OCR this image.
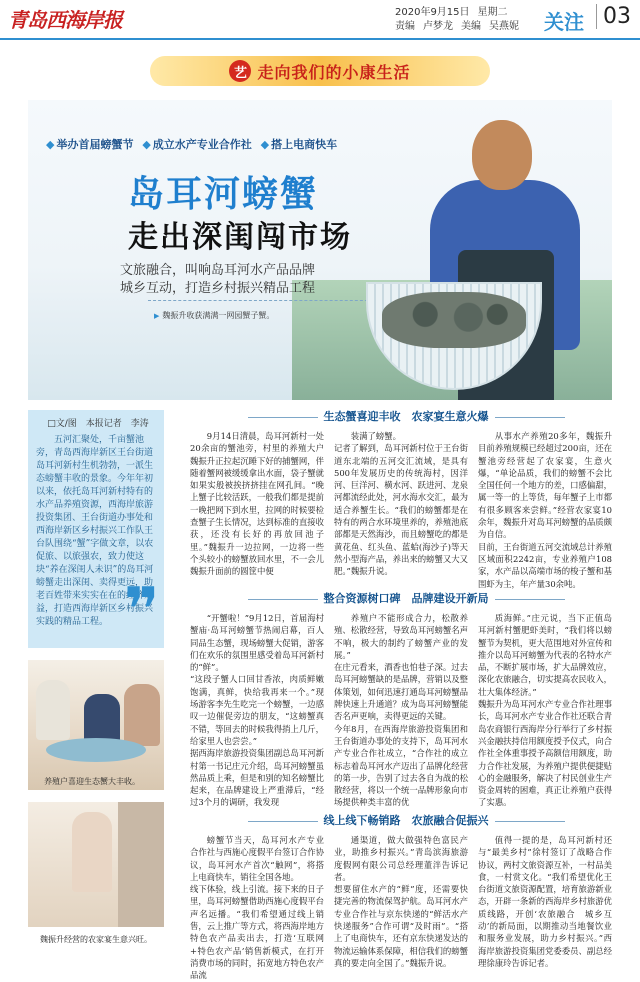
青岛西海岸报	2020年9月15日 星期二
责编 卢梦龙 美编 吴燕妮	关注 03
艺 走向我们的小康生活
◆ 举办首届螃蟹节 ◆ 成立水产专业合作社 ◆ 搭上电商快车
岛耳河螃蟹
走出深闺闯市场
文旅融合，叫响岛耳河水产品品牌
城乡互动，打造乡村振兴精品工程
▶ 魏振升收获满满一网园蟹子蟹。
□文/图　本报记者　李涛
五河汇聚处，千亩蟹池旁，青岛西海岸新区王台街道岛耳河新村生机勃勃，一派生态螃蟹丰收的景象。今年年初以来，依托岛耳河新村特有的水产品养殖资源，西海岸旅游投资集团、王台街道办事处和西海岸新区乡村振兴工作队王台队围绕“蟹”字做文章，以农促旅、以旅强农，致力使这块“养在深闺人未识”的岛耳河螃蟹走出深闺、卖得更远，助老百姓带来实实在在的经济效益，打造西海岸新区乡村振兴实践的精品工程。 ❞
养殖户喜迎生态蟹大丰收。
魏振升经营的农家宴生意兴旺。
生态蟹喜迎丰收　农家宴生意火爆
9月14日清晨，岛耳河新村一处20余亩的蟹池旁，村里的养殖大户魏振升正拉起沉睡下好的捕蟹网，伴随着蟹网被缓缓拿出水面，袋子蟹就如果实般被挨挤挤挂在网孔间。“晚上蟹子比较活跃，一般我们都是提前一晚把网下到水里，拉网的时候要检查蟹子生长情况，达到标准的直接收获，还没有长好的再放回池子里。”魏振升一边拉网，一边将一些个头较小的螃蟹放回水里，不一会儿魏振升面前的圆筐中便
装满了螃蟹。
记者了解到，岛耳河新村位于王台街道东北端的五河交汇流域，是具有500年发展历史的传统海村，因洋河、巨洋河、横水河、跃进河、龙泉河都流经此处，河水海水交汇，最为适合养蟹生长。“我们的螃蟹都是在特有的两合水环境里养的，养殖池底部都是天然海沙，而且螃蟹吃的都是黄花鱼、红头鱼、蓝蛤(海沙子)等天然小型海产品，养出来的螃蟹又大又肥。”魏振升说。
从事水产养殖20多年，魏振升目前养殖规模已经超过200亩，还在蟹池旁经营起了农家宴，生意火爆，“单论品质，我们的螃蟹不会比全国任何一个地方的差，口感偏甜，属一等一的上等货，每年蟹子上市都有很多顾客来尝鲜。”经营农家宴10余年，魏振升对岛耳河螃蟹的品质颇为自信。
目前，王台街道五河交流域总计养殖区域面积2242亩，专业养殖户108家，水产品以高端市场的梭子蟹和基围虾为主，年产量30余吨。
整合资源树口碑　品牌建设开新局
“开蟹啦！”9月12日，首届海村蟹庙·岛耳河螃蟹节热闹启幕，百人同品生态蟹，现场螃蟹大促销，游客们在欢乐的氛围里感受着岛耳河新村的“鲜”。
“这段子蟹人口回甘香浓，肉质鲜嫩饱满，真鲜，快给我再来一个。”现场游客李先生吃完一个螃蟹，一边感叹一边催促旁边的朋友，“这螃蟹真不错，等回去的时候我得捎上几斤，给家里人也尝尝。”
据西海岸旅游投资集团副总岛耳河新村第一书记庄元介绍，岛耳河螃蟹虽然品质上乘，但是和别的知名螃蟹比起来，在品牌建设上严重滞后，“经过3个月的调研，我发现
养殖户不能形成合力，松散养殖、松散经营，导致岛耳河螃蟹名声不响，极大的制约了螃蟹产业的发展。”
在庄元看来，酒香也怕巷子深。过去岛耳河螃蟹缺的是品牌，营销以及整体策划，如何迅速打通岛耳河螃蟹品牌快速上升通道？成为岛耳河螃蟹能否名声更响，卖得更远的关键。
今年8月，在西海岸旅游投资集团和王台街道办事处的支持下，岛耳河水产专业合作社成立，“合作社的成立标志着岛耳河水产迈出了品牌化经营的第一步，告别了过去各自为战的松散经营，将以一个统一品牌形象向市场提供种类丰富的优
质海鲜。”庄元说，当下正值岛耳河新村蟹肥虾美时，“我们将以螃蟹节为契机，更大范围地对外宣传和推介以岛耳河螃蟹为代表的名特水产品，不断扩展市场，扩大品牌效应，深化农旅融合，切实提高农民收入，壮大集体经济。”
魏振升为岛耳河水产专业合作社理事长，岛耳河水产专业合作社还联合青岛农商银行西海岸分行举行了乡村振兴金融扶持信用额度授予仪式，向合作社全体重事授予高额信用额度，助力合作社发展，为养殖户提供便捷贴心的金融服务，解决了村民创业生产资金周转的困难，真正让养殖户获得了实惠。
线上线下畅销路　农旅融合促振兴
螃蟹节当天，岛耳河水产专业合作社与西施心度假平台签订合作协议，岛耳河水产首次“触网”，将搭上电商快车，销往全国各地。
线下体验，线上引流。接下来的日子里，岛耳河螃蟹借助西施心度假平台声名远播。“我们希望通过线上销售，云上推广等方式，将西海岸地方特色农产品卖出去，打造‘互联网+特色农产品’销售新模式，在打开消费市场的同时，拓宽地方特色农产品流
通渠道，做大做强特色富民产业，助推乡村振兴。”青岛滨海旅游度假网有限公司总经理董泮告诉记者。
想要留住水产的“鲜”度，还需要快捷完善的物流保驾护航。岛耳河水产专业合作社与京东快递的“鲜活水产快递服务”合作可谓“及时雨”。“搭上了电商快车，还有京东快递发达的物流运输体系保障，相信我们的螃蟹真的要走向全国了。”魏振升说。
值得一提的是，岛耳河新村还与“最美乡村”徐村签订了战略合作协议，两村文旅资源互补，一村品美食，一村赏文化。“我们希望优化王台街道文旅资源配置，培育旅游新业态，开辟一条新的西海岸乡村旅游优质线路，开创‘农旅融合　城乡互动’的新局面，以期推动当地餐饮业和服务业发展，助力乡村振兴。”西海岸旅游投资集团党委委员、副总经理徐康玲告诉记者。
